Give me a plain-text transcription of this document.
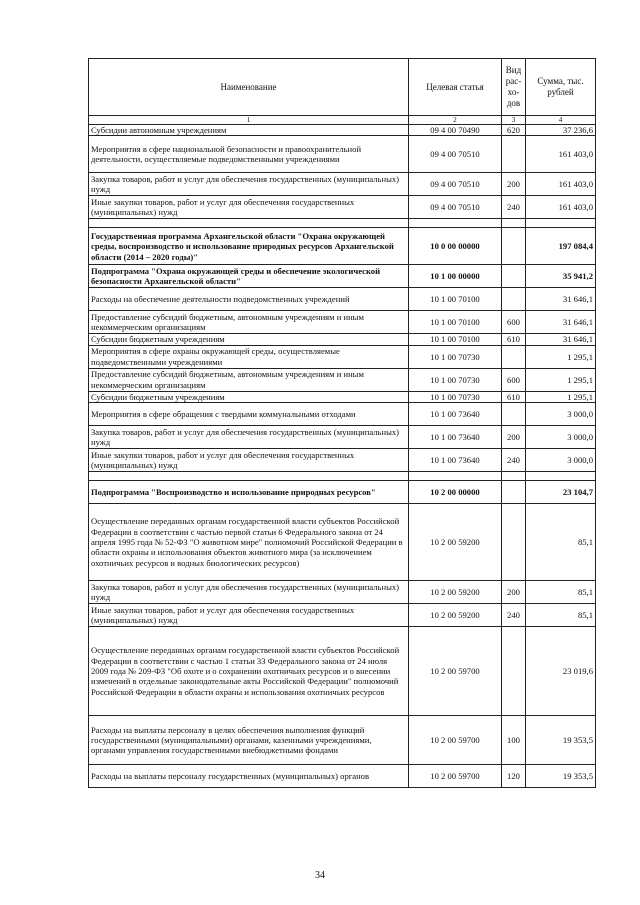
Наименование	Целевая статья	Вид рас-хо-дов	Сумма, тыс. рублей
1	2	3	4
Субсидии автономным учреждениям	09 4 00 70490	620	37 236,6
Мероприятия в сфере национальной безопасности и правоохранительной деятельности, осуществляемые подведомственными учреждениями	09 4 00 70510		161 403,0
Закупка товаров, работ и услуг для обеспечения государственных (муниципальных) нужд	09 4 00 70510	200	161 403,0
Иные закупки товаров, работ и услуг для обеспечения государственных (муниципальных) нужд	09 4 00 70510	240	161 403,0

Государственная программа Архангельской области "Охрана окружающей среды, воспроизводство и использование природных ресурсов Архангельской области (2014 – 2020 годы)"	10 0 00 00000		197 084,4
Подпрограмма "Охрана окружающей среды и обеспечение экологической безопасности Архангельской области"	10 1 00 00000		35 941,2
Расходы на обеспечение деятельности подведомственных учреждений	10 1 00 70100		31 646,1
Предоставление субсидий бюджетным, автономным учреждениям и иным некоммерческим организациям	10 1 00 70100	600	31 646,1
Субсидии бюджетным учреждениям	10 1 00 70100	610	31 646,1
Мероприятия в сфере охраны окружающей среды, осуществляемые подведомственными учреждениями	10 1 00 70730		1 295,1
Предоставление субсидий бюджетным, автономным учреждениям и иным некоммерческим организациям	10 1 00 70730	600	1 295,1
Субсидии бюджетным учреждениям	10 1 00 70730	610	1 295,1
Мероприятия в сфере обращения с твердыми коммунальными отходами	10 1 00 73640		3 000,0
Закупка товаров, работ и услуг для обеспечения государственных (муниципальных) нужд	10 1 00 73640	200	3 000,0
Иные закупки товаров, работ и услуг для обеспечения государственных (муниципальных) нужд	10 1 00 73640	240	3 000,0

Подпрограмма "Воспроизводство и использование природных ресурсов"	10 2 00 00000		23 104,7
Осуществление переданных органам государственной власти субъектов Российской Федерации в соответствии с частью первой статьи 6 Федерального закона от 24 апреля 1995 года № 52-ФЗ "О животном мире" полномочий Российской Федерации в области охраны и использования объектов животного мира (за исключением охотничьих ресурсов и водных биологических ресурсов)	10 2 00 59200		85,1
Закупка товаров, работ и услуг для обеспечения государственных (муниципальных) нужд	10 2 00 59200	200	85,1
Иные закупки товаров, работ и услуг для обеспечения государственных (муниципальных) нужд	10 2 00 59200	240	85,1
Осуществление переданных органам государственной власти субъектов Российской Федерации в соответствии с частью 1 статьи 33 Федерального закона от 24 июля 2009 года № 209-ФЗ "Об охоте и о сохранении охотничьих ресурсов и о внесении изменений в отдельные законодательные акты Российской Федерации" полномочий Российской Федерации в области охраны и использования охотничьих ресурсов	10 2 00 59700		23 019,6
Расходы на выплаты персоналу в целях обеспечения выполнения функций государственными (муниципальными) органами, казенными учреждениями, органами управления государственными внебюджетными фондами	10 2 00 59700	100	19 353,5
Расходы на выплаты персоналу государственных (муниципальных) органов	10 2 00 59700	120	19 353,5
34
